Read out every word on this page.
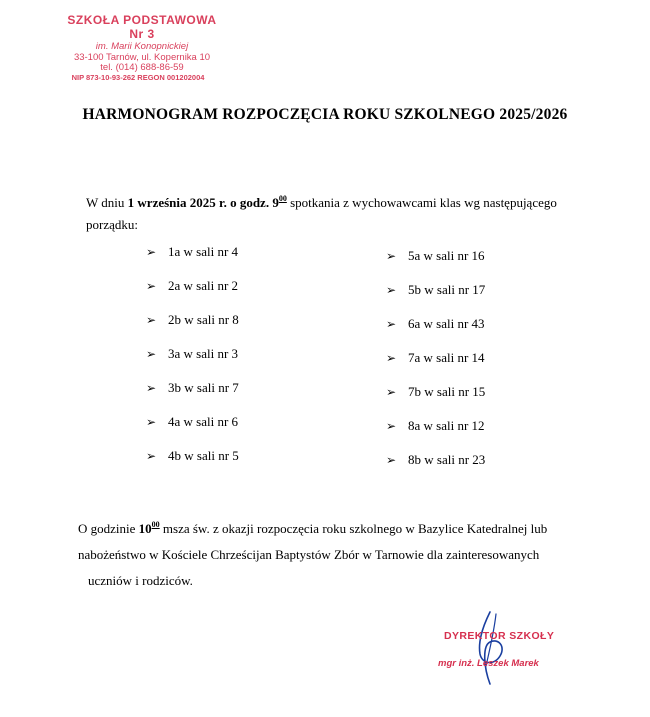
SZKOŁA PODSTAWOWA Nr 3
im. Marii Konopnickiej
33-100 Tarnów, ul. Kopernika 10
tel. (014) 688-86-59
NIP 873-10-93-262 REGON 001202004
HARMONOGRAM ROZPOCZĘCIA ROKU SZKOLNEGO 2025/2026
W dniu 1 września 2025 r. o godz. $9^{00}$ spotkania z wychowawcami klas wg następującego porządku:
➢ 1a w sali nr 4
➢ 2a w sali nr 2
➢ 2b w sali nr 8
➢ 3a w sali nr 3
➢ 3b w sali nr 7
➢ 4a w sali nr 6
➢ 4b w sali nr 5
➢ 5a w sali nr 16
➢ 5b w sali nr 17
➢ 6a w sali nr 43
➢ 7a w sali nr 14
➢ 7b w sali nr 15
➢ 8a w sali nr 12
➢ 8b w sali nr 23
O godzinie $10^{00}$ msza św. z okazji rozpoczęcia roku szkolnego w Bazylice Katedralnej lub
nabożeństwo w Kościele Chrześcijan Baptystów Zbór w Tarnowie dla zainteresowanych

uczniów i rodziców.
DYREKTOR SZKOŁY
mgr inż. Leszek Marek
